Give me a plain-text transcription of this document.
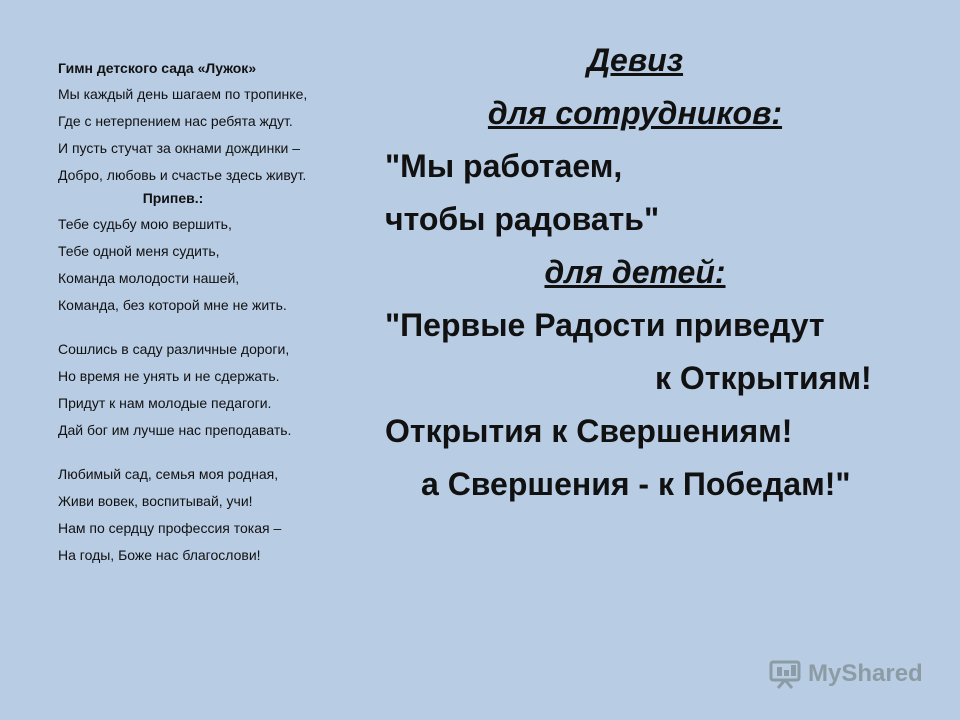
Гимн детского сада «Лужок»
Мы каждый день шагаем по тропинке,
Где с нетерпением нас ребята ждут.
И пусть стучат за окнами дождинки –
Добро, любовь и счастье здесь живут.
Припев.:
Тебе судьбу мою вершить,
Тебе одной меня судить,
Команда молодости нашей,
Команда, без которой мне не жить.
Сошлись в саду различные дороги,
Но время не унять и не сдержать.
Придут к нам молодые педагоги.
Дай бог им лучше нас преподавать.
Любимый сад, семья моя родная,
Живи вовек, воспитывай, учи!
Нам по сердцу профессия токая –
На годы, Боже нас благослови!
Девиз
для сотрудников:
"Мы работаем,
чтобы радовать"
для детей:
"Первые Радости приведут
к Открытиям!
Открытия к Свершениям!
а Свершения - к Победам!"
MyShared
